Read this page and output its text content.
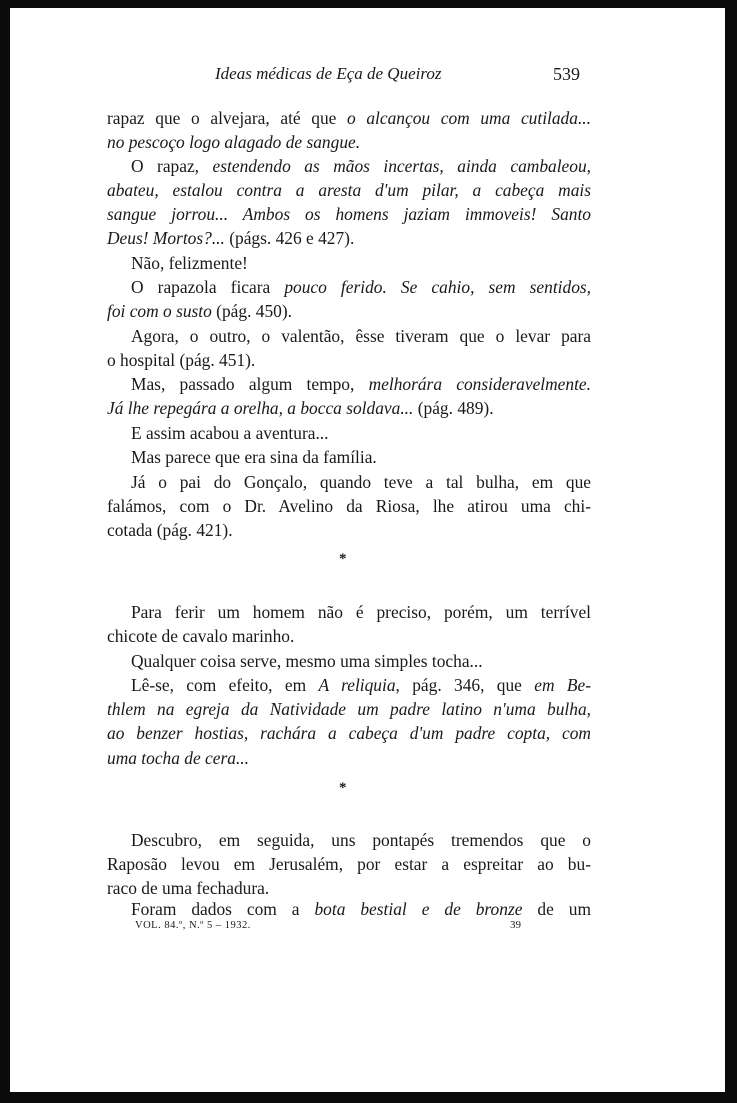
Ideas médicas de Eça de Queiroz	539
rapaz que o alvejara, até que o alcançou com uma cutilada...
no pescoço logo alagado de sangue.
O rapaz, estendendo as mãos incertas, ainda cambaleou,
abateu, estalou contra a aresta d'um pilar, a cabeça mais
sangue jorrou... Ambos os homens jaziam immoveis! Santo
Deus! Mortos?... (págs. 426 e 427).
Não, felizmente!
O rapazola ficara pouco ferido. Se cahio, sem sentidos,
foi com o susto (pág. 450).
Agora, o outro, o valentão, êsse tiveram que o levar para
o hospital (pág. 451).
Mas, passado algum tempo, melhorára consideravelmente.
Já lhe repegára a orelha, a bocca soldava... (pág. 489).
E assim acabou a aventura...
Mas parece que era sina da família.
Já o pai do Gonçalo, quando teve a tal bulha, em que
falámos, com o Dr. Avelino da Riosa, lhe atirou uma chi-
cotada (pág. 421).
*
Para ferir um homem não é preciso, porém, um terrível
chicote de cavalo marinho.
Qualquer coisa serve, mesmo uma simples tocha...
Lê-se, com efeito, em A reliquia, pág. 346, que em Be-
thlem na egreja da Natividade um padre latino n'uma bulha,
ao benzer hostias, rachára a cabeça d'um padre copta, com
uma tocha de cera...
*
Descubro, em seguida, uns pontapés tremendos que o
Raposão levou em Jerusalém, por estar a espreitar ao bu-
raco de uma fechadura.
Foram dados com a bota bestial e de bronze de um
VOL. 84.º, N.º 5 – 1932.	39
